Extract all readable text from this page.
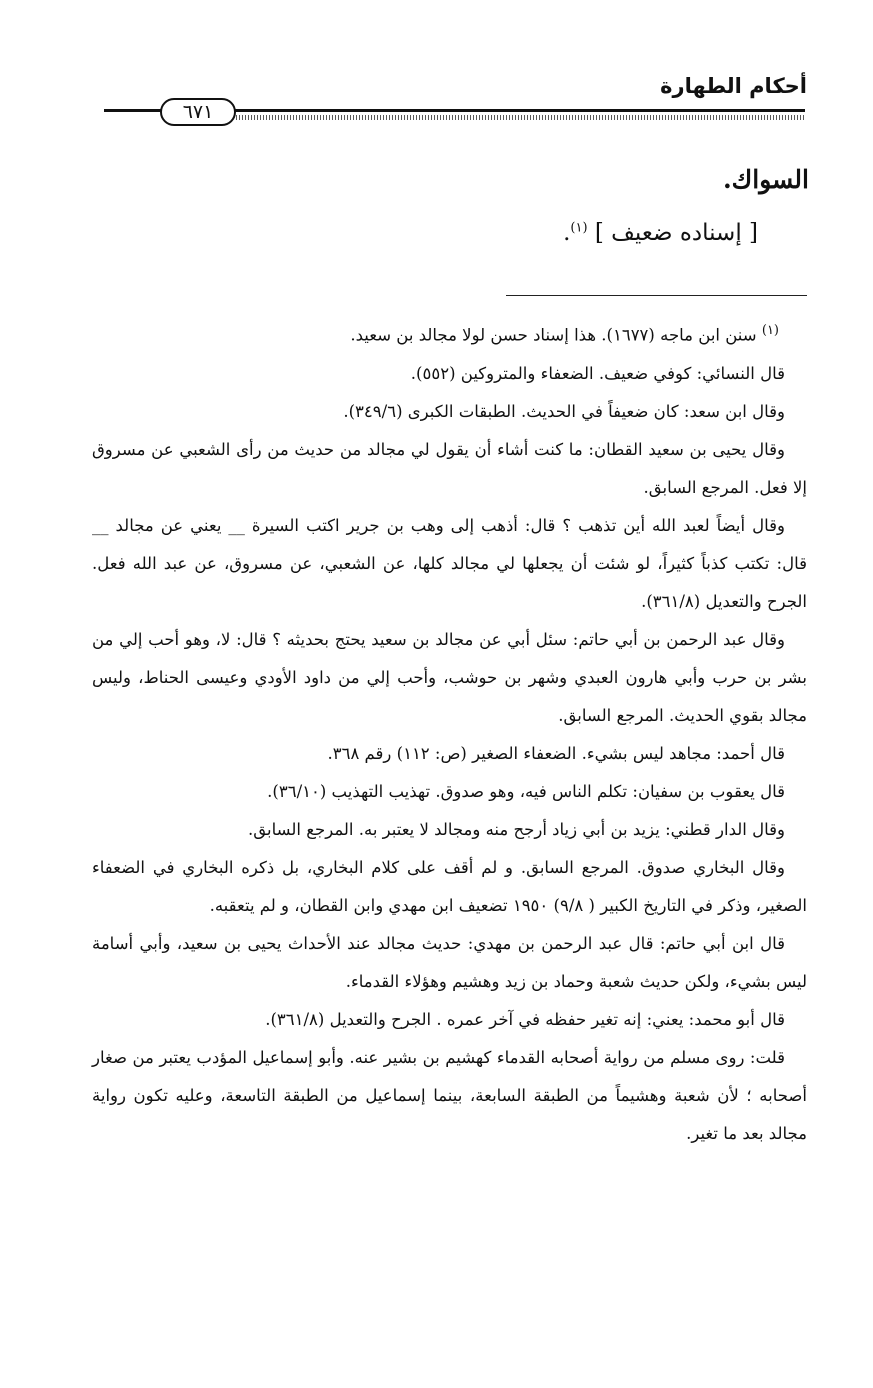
أحكام الطهارة
٦٧١
السواك.
[ إسناده ضعيف ] $^{(١)}$.

$^{(١)}$ سنن ابن ماجه (١٦٧٧). هذا إسناد حسن لولا مجالد بن سعيد.

قال النسائي: كوفي ضعيف. الضعفاء والمتروكين (٥٥٢).

وقال ابن سعد: كان ضعيفاً في الحديث. الطبقات الكبرى (٣٤٩/٦).

وقال يحيى بن سعيد القطان: ما كنت أشاء أن يقول لي مجالد من حديث من رأى الشعبي عن مسروق إلا فعل. المرجع السابق.

وقال أيضاً لعبد الله أين تذهب ؟ قال: أذهب إلى وهب بن جرير اكتب السيرة __ يعني عن مجالد __ قال: تكتب كذباً كثيراً، لو شئت أن يجعلها لي مجالد كلها، عن الشعبي، عن مسروق، عن عبد الله فعل. الجرح والتعديل (٣٦١/٨).

وقال عبد الرحمن بن أبي حاتم: سئل أبي عن مجالد بن سعيد يحتج بحديثه ؟ قال: لا، وهو أحب إلي من بشر بن حرب وأبي هارون العبدي وشهر بن حوشب، وأحب إلي من داود الأودي وعيسى الحناط، وليس مجالد بقوي الحديث. المرجع السابق.

قال أحمد: مجاهد ليس بشيء. الضعفاء الصغير (ص: ١١٢) رقم ٣٦٨.

قال يعقوب بن سفيان: تكلم الناس فيه، وهو صدوق. تهذيب التهذيب (٣٦/١٠).

وقال الدار قطني: يزيد بن أبي زياد أرجح منه ومجالد لا يعتبر به. المرجع السابق.

وقال البخاري صدوق. المرجع السابق. و لم أقف على كلام البخاري، بل ذكره البخاري في الضعفاء الصغير، وذكر في التاريخ الكبير ( ٩/٨) ١٩٥٠ تضعيف ابن مهدي وابن القطان، و لم يتعقبه.

قال ابن أبي حاتم: قال عبد الرحمن بن مهدي: حديث مجالد عند الأحداث يحيى بن سعيد، وأبي أسامة ليس بشيء، ولكن حديث شعبة وحماد بن زيد وهشيم وهؤلاء القدماء.

قال أبو محمد: يعني: إنه تغير حفظه في آخر عمره . الجرح والتعديل (٣٦١/٨).

قلت: روى مسلم من رواية أصحابه القدماء كهشيم بن بشير عنه. وأبو إسماعيل المؤدب يعتبر من صغار أصحابه ؛ لأن شعبة وهشيماً من الطبقة السابعة، بينما إسماعيل من الطبقة التاسعة، وعليه تكون رواية مجالد بعد ما تغير.
